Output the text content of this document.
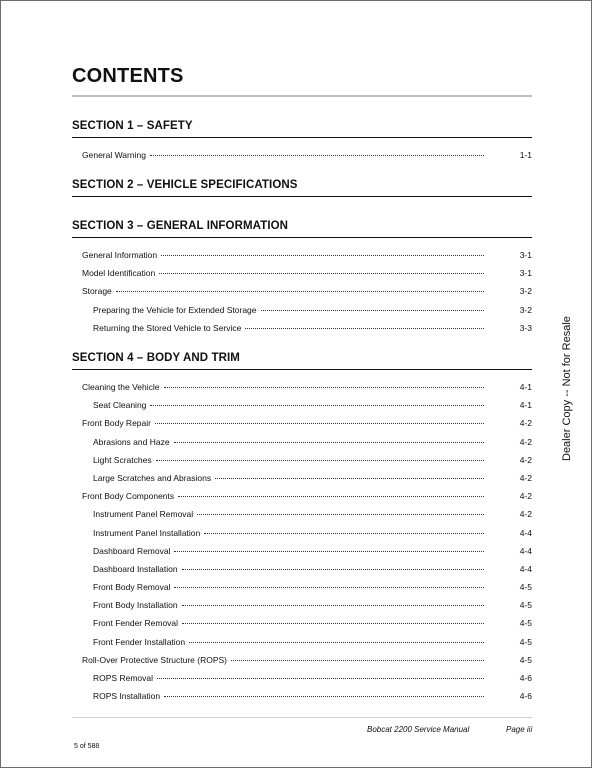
CONTENTS
SECTION 1 – SAFETY
General Warning	1-1
SECTION 2 – VEHICLE SPECIFICATIONS
SECTION 3 – GENERAL INFORMATION
General Information	3-1
Model Identification	3-1
Storage	3-2
Preparing the Vehicle for Extended Storage	3-2
Returning the Stored Vehicle to Service	3-3
SECTION 4 – BODY AND TRIM
Cleaning the Vehicle	4-1
Seat Cleaning	4-1
Front Body Repair	4-2
Abrasions and Haze	4-2
Light Scratches	4-2
Large Scratches and Abrasions	4-2
Front Body Components	4-2
Instrument Panel Removal	4-2
Instrument Panel Installation	4-4
Dashboard Removal	4-4
Dashboard Installation	4-4
Front Body Removal	4-5
Front Body Installation	4-5
Front Fender Removal	4-5
Front Fender Installation	4-5
Roll-Over Protective Structure (ROPS)	4-5
ROPS Removal	4-6
ROPS Installation	4-6
Bobcat 2200 Service Manual	Page iii
5 of 588
Dealer Copy -- Not for Resale
